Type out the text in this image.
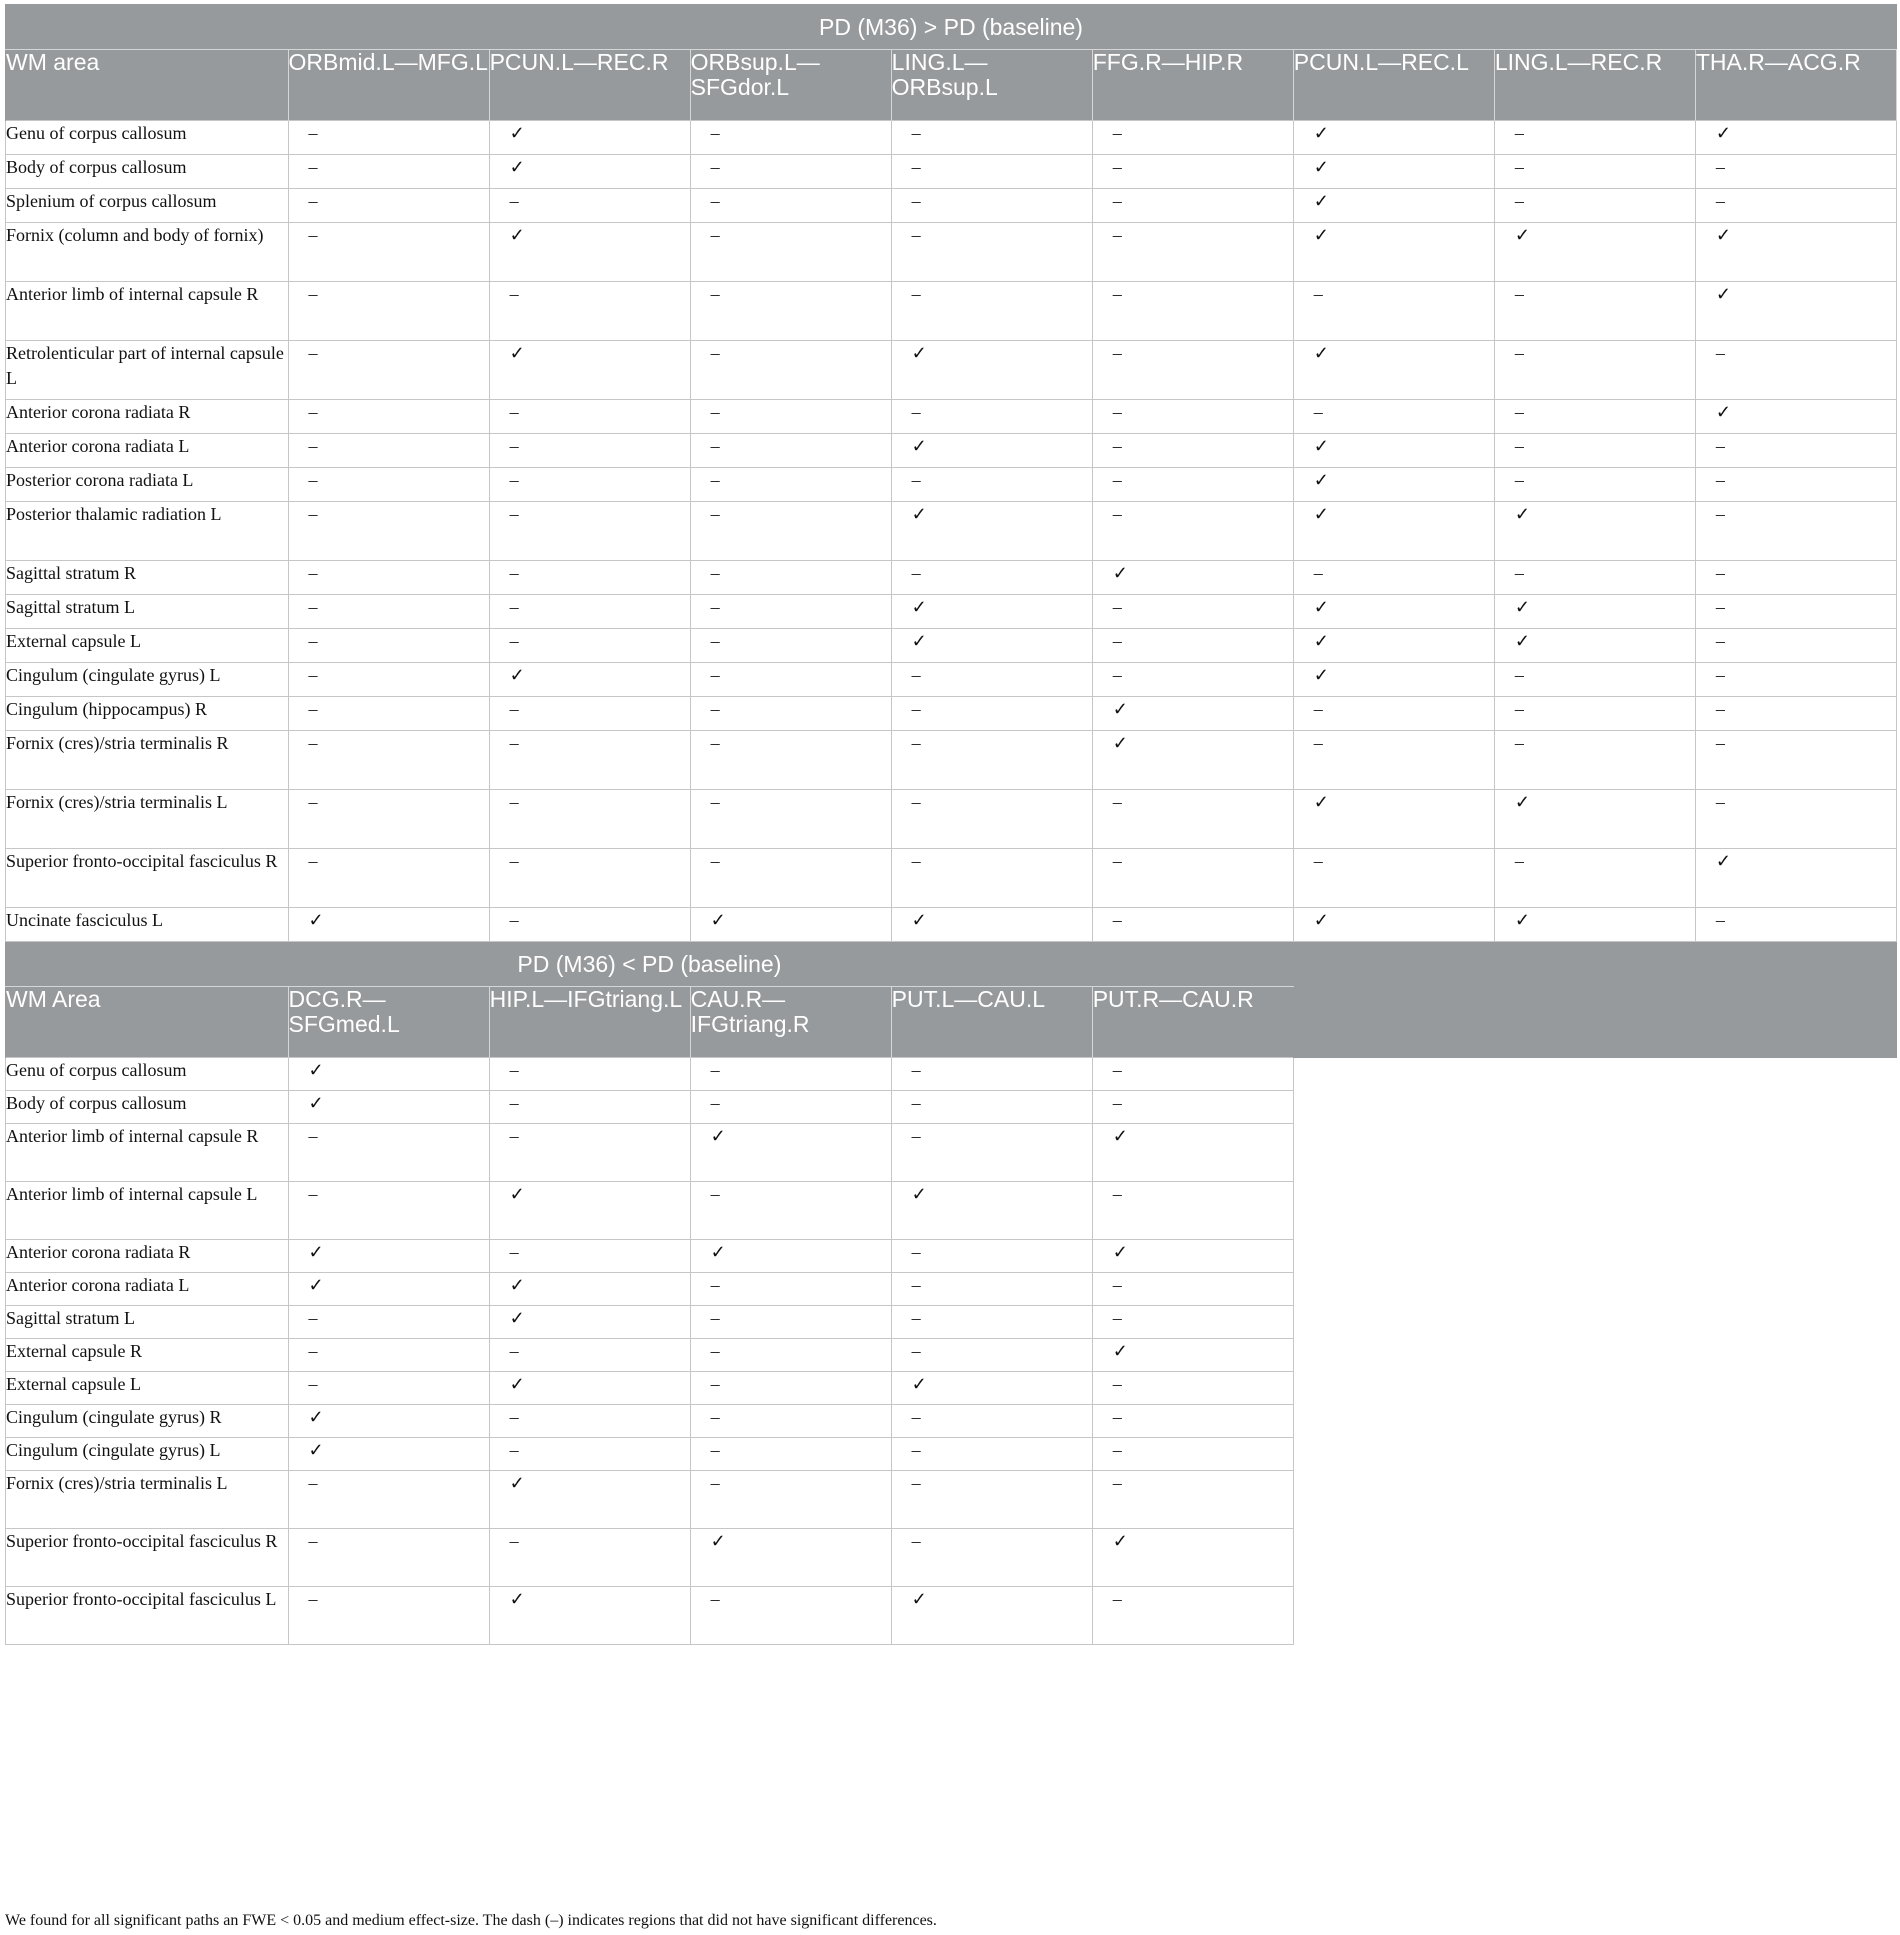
PD (M36) > PD (baseline)								
WM area	ORBmid.L—MFG.L	PCUN.L—REC.R	ORBsup.L—SFGdor.L	LING.L—ORBsup.L	FFG.R—HIP.R	PCUN.L—REC.L	LING.L—REC.R	THA.R—ACG.R
Genu of corpus callosum	–	✓	–	–	–	✓	–	✓
Body of corpus callosum	–	✓	–	–	–	✓	–	–
Splenium of corpus callosum	–	–	–	–	–	✓	–	–
Fornix (column and body of fornix)	–	✓	–	–	–	✓	✓	✓
Anterior limb of internal capsule R	–	–	–	–	–	–	–	✓
Retrolenticular part of internal capsule L	–	✓	–	✓	–	✓	–	–
Anterior corona radiata R	–	–	–	–	–	–	–	✓
Anterior corona radiata L	–	–	–	✓	–	✓	–	–
Posterior corona radiata L	–	–	–	–	–	✓	–	–
Posterior thalamic radiation L	–	–	–	✓	–	✓	✓	–
Sagittal stratum R	–	–	–	–	✓	–	–	–
Sagittal stratum L	–	–	–	✓	–	✓	✓	–
External capsule L	–	–	–	✓	–	✓	✓	–
Cingulum (cingulate gyrus) L	–	✓	–	–	–	✓	–	–
Cingulum (hippocampus) R	–	–	–	–	✓	–	–	–
Fornix (cres)/stria terminalis R	–	–	–	–	✓	–	–	–
Fornix (cres)/stria terminalis L	–	–	–	–	–	✓	✓	–
Superior fronto-occipital fasciculus R	–	–	–	–	–	–	–	✓
Uncinate fasciculus L	✓	–	✓	✓	–	✓	✓	–
PD (M36) < PD (baseline)								
WM Area	DCG.R—SFGmed.L	HIP.L—IFGtriang.L	CAU.R—IFGtriang.R	PUT.L—CAU.L	PUT.R—CAU.R			
Genu of corpus callosum	✓	–	–	–	–			
Body of corpus callosum	✓	–	–	–	–			
Anterior limb of internal capsule R	–	–	✓	–	✓			
Anterior limb of internal capsule L	–	✓	–	✓	–			
Anterior corona radiata R	✓	–	✓	–	✓			
Anterior corona radiata L	✓	✓	–	–	–			
Sagittal stratum L	–	✓	–	–	–			
External capsule R	–	–	–	–	✓			
External capsule L	–	✓	–	✓	–			
Cingulum (cingulate gyrus) R	✓	–	–	–	–			
Cingulum (cingulate gyrus) L	✓	–	–	–	–			
Fornix (cres)/stria terminalis L	–	✓	–	–	–			
Superior fronto-occipital fasciculus R	–	–	✓	–	✓			
Superior fronto-occipital fasciculus L	–	✓	–	✓	–			
We found for all significant paths an FWE < 0.05 and medium effect-size. The dash (–) indicates regions that did not have significant differences.
